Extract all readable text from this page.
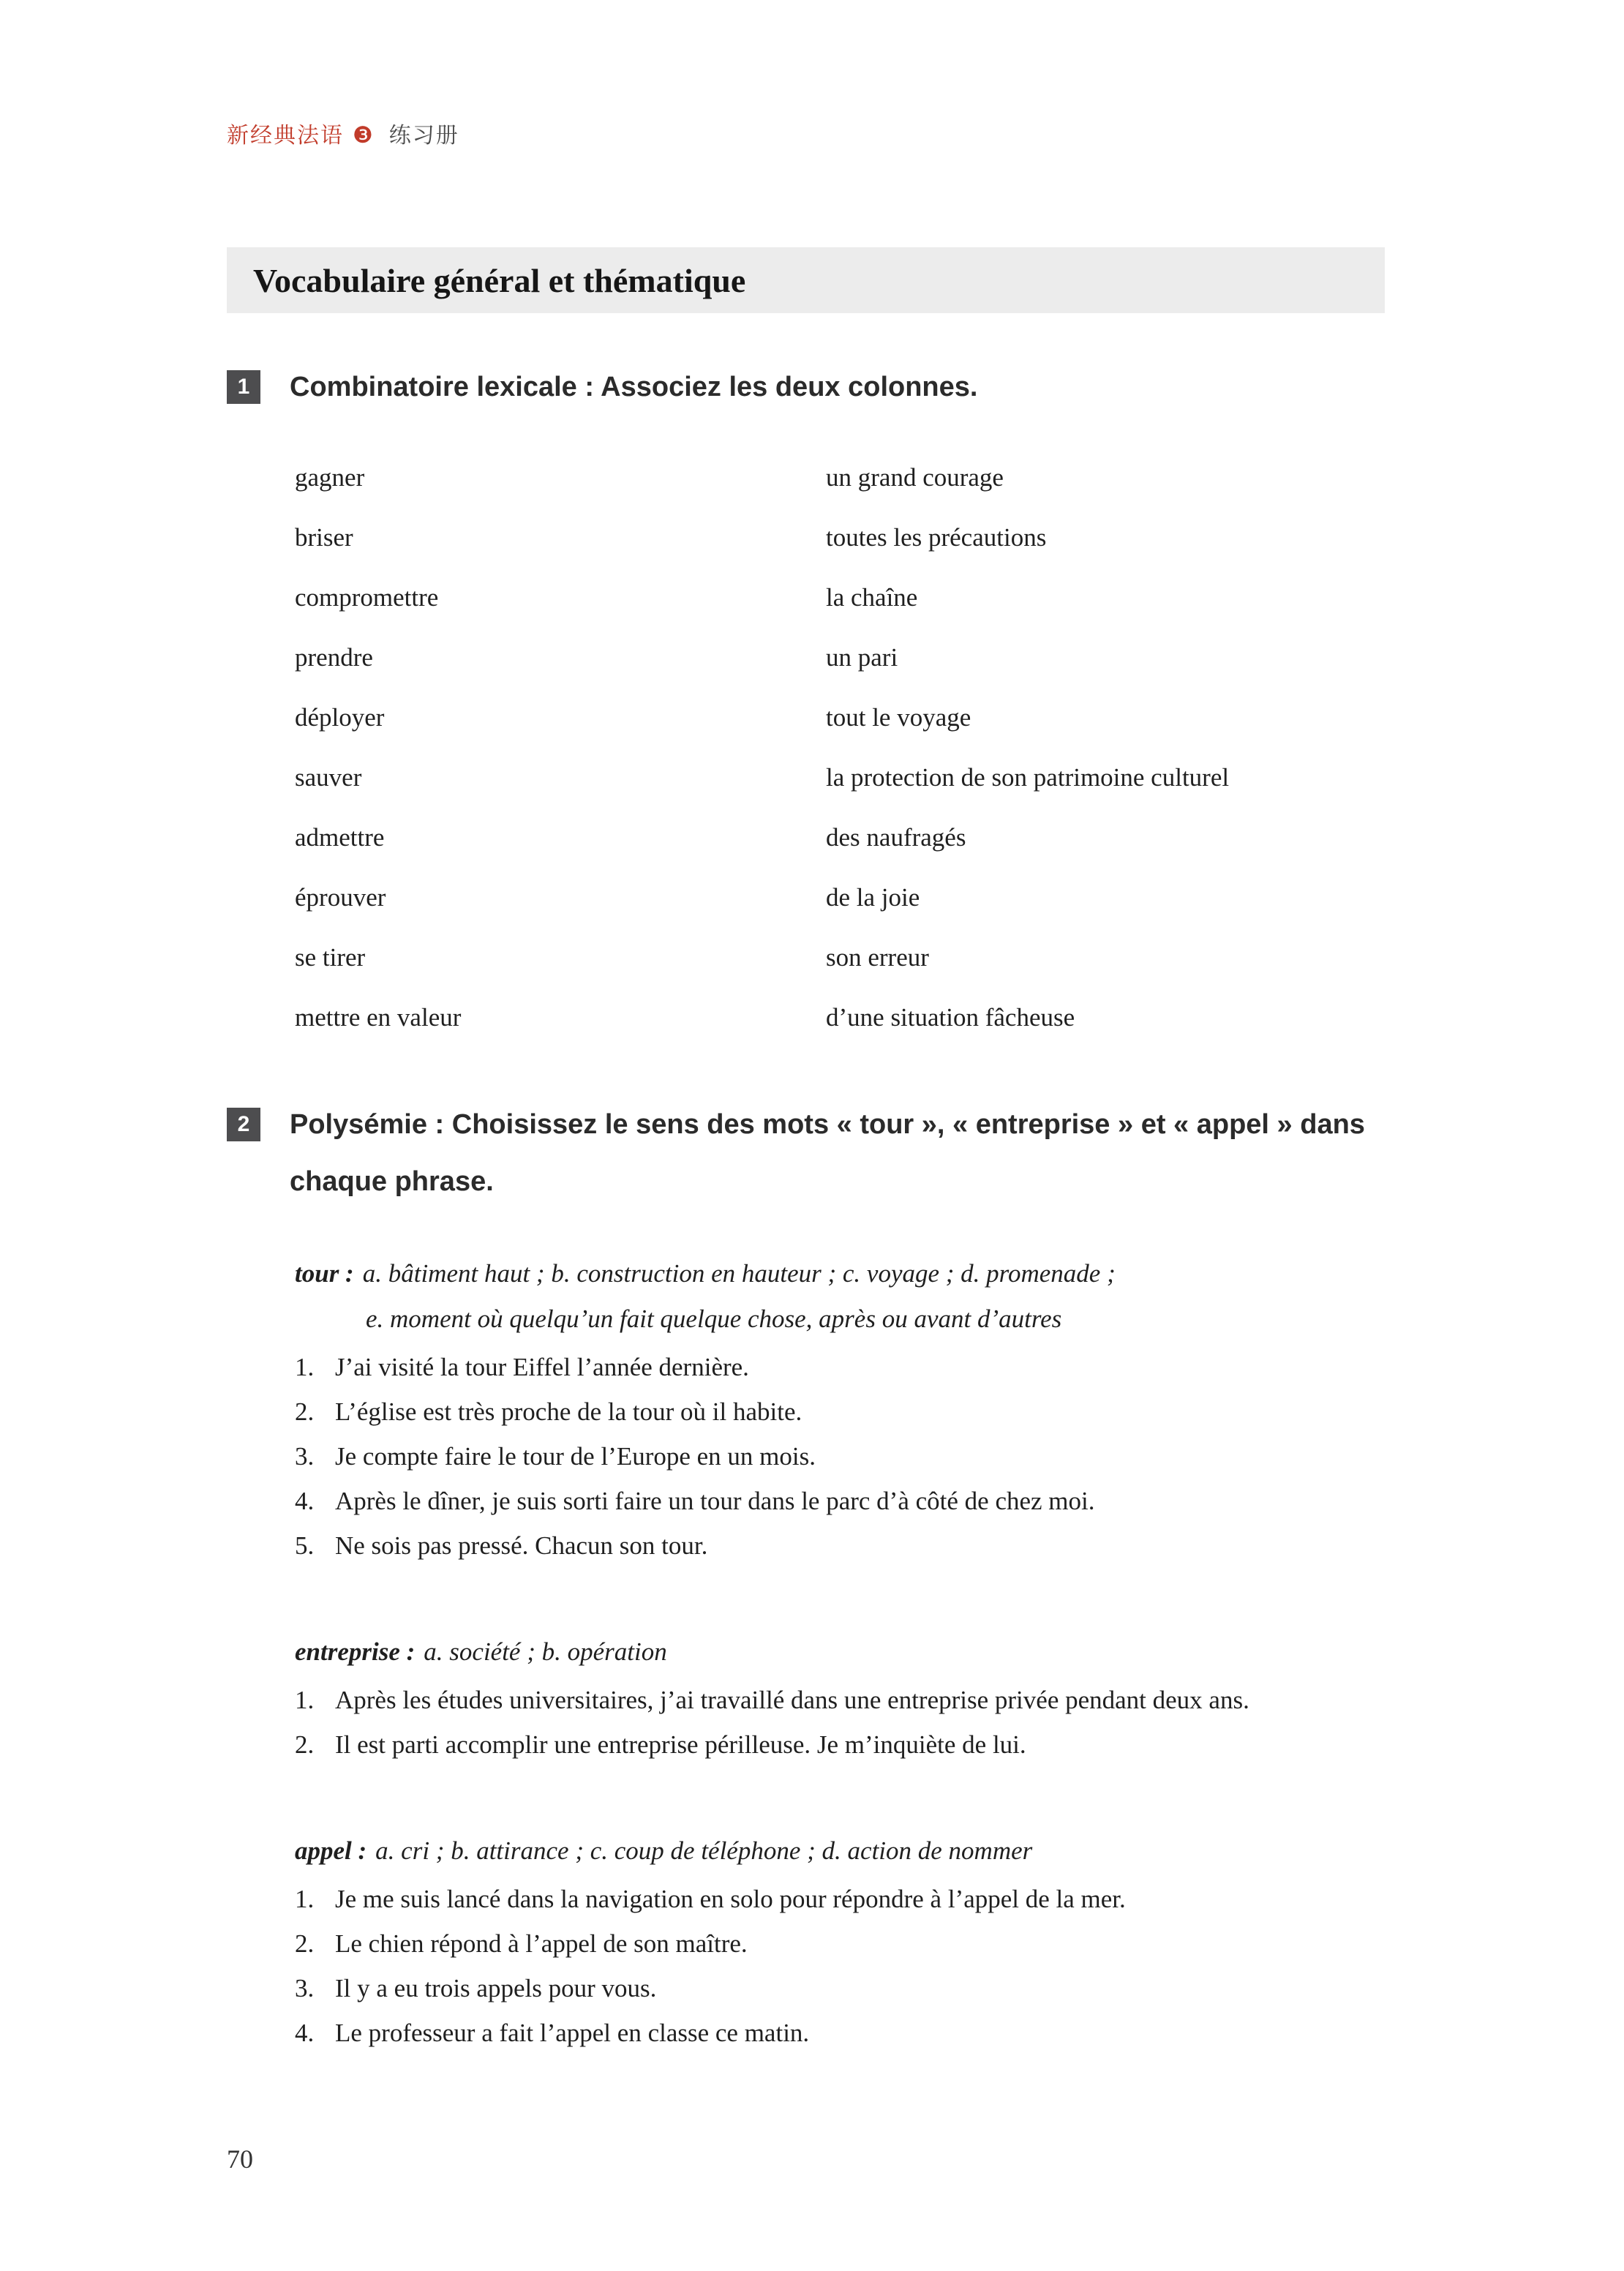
新经典法语 ❸ 练习册
Vocabulaire général et thématique
1	Combinatoire lexicale : Associez les deux colonnes.
gagner	un grand courage
briser	toutes les précautions
compromettre	la chaîne
prendre	un pari
déployer	tout le voyage
sauver	la protection de son patrimoine culturel
admettre	des naufragés
éprouver	de la joie
se tirer	son erreur
mettre en valeur	d’une situation fâcheuse
2	Polysémie : Choisissez le sens des mots « tour », « entreprise » et « appel » dans chaque phrase.

tour : a. bâtiment haut ; b. construction en hauteur ; c. voyage ; d. promenade ;

e. moment où quelqu’un fait quelque chose, après ou avant d’autres

1. J’ai visité la tour Eiffel l’année dernière.
2. L’église est très proche de la tour où il habite.
3. Je compte faire le tour de l’Europe en un mois.
4. Après le dîner, je suis sorti faire un tour dans le parc d’à côté de chez moi.
5. Ne sois pas pressé. Chacun son tour.

entreprise : a. société ; b. opération

1. Après les études universitaires, j’ai travaillé dans une entreprise privée pendant deux ans.
2. Il est parti accomplir une entreprise périlleuse. Je m’inquiète de lui.

appel : a. cri ; b. attirance ; c. coup de téléphone ; d. action de nommer

1. Je me suis lancé dans la navigation en solo pour répondre à l’appel de la mer.
2. Le chien répond à l’appel de son maître.
3. Il y a eu trois appels pour vous.
4. Le professeur a fait l’appel en classe ce matin.
70
